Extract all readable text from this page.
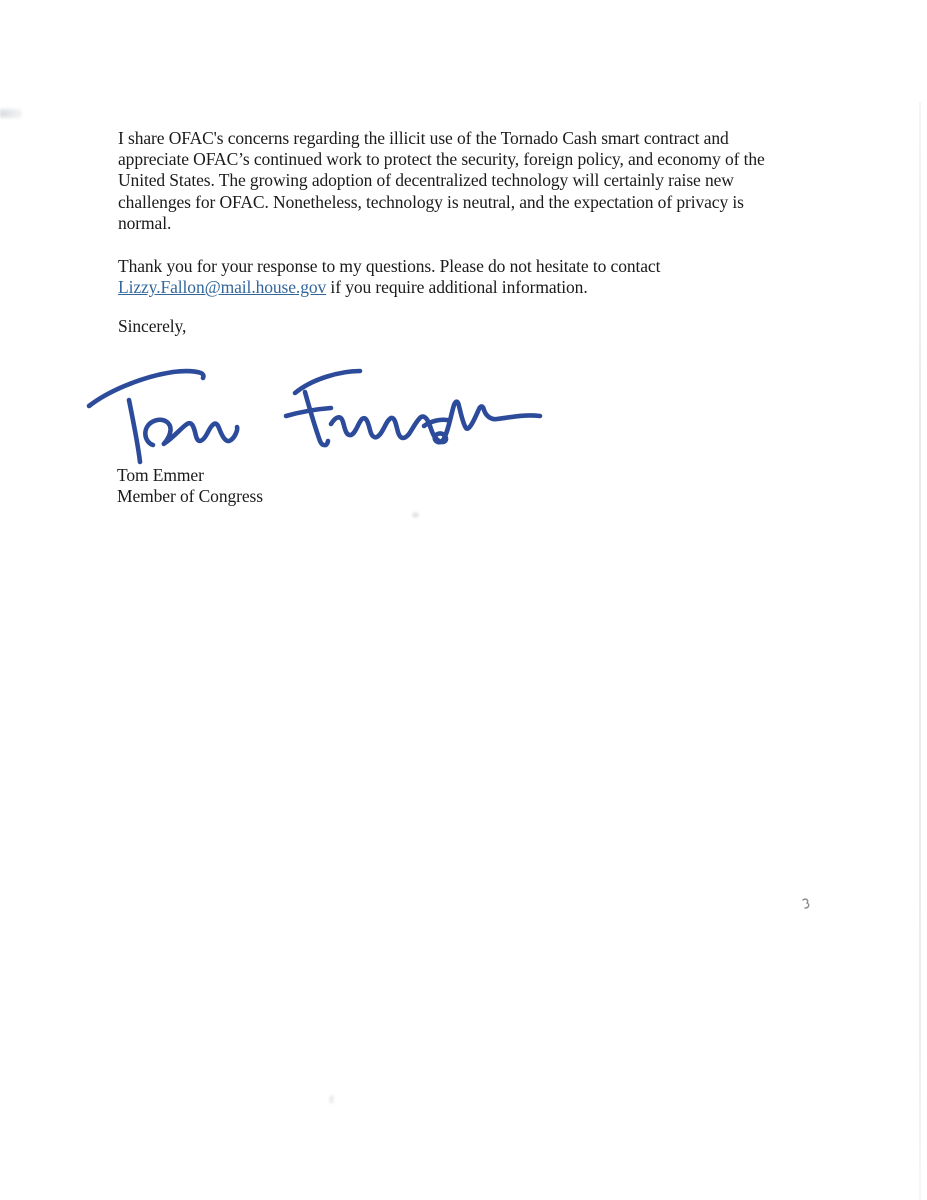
I share OFAC's concerns regarding the illicit use of the Tornado Cash smart contract and
appreciate OFAC’s continued work to protect the security, foreign policy, and economy of the
United States. The growing adoption of decentralized technology will certainly raise new
challenges for OFAC. Nonetheless, technology is neutral, and the expectation of privacy is
normal.
Thank you for your response to my questions. Please do not hesitate to contact
Lizzy.Fallon@mail.house.gov if you require additional information.
Sincerely,
Tom Emmer
Member of Congress
